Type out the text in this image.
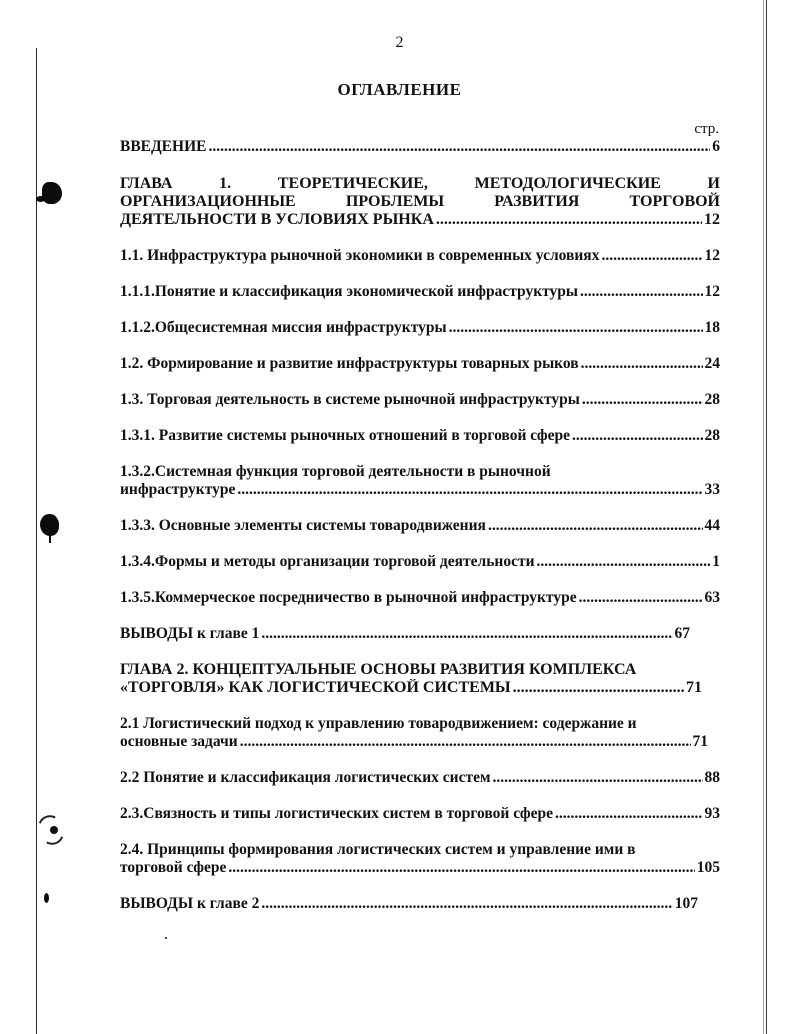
2
ОГЛАВЛЕНИЕ
стр.
ВВЕДЕНИЕ .....	6
ГЛАВА 1. ТЕОРЕТИЧЕСКИЕ, МЕТОДОЛОГИЧЕСКИЕ И
ОРГАНИЗАЦИОННЫЕ ПРОБЛЕМЫ РАЗВИТИЯ ТОРГОВОЙ
ДЕЯТЕЛЬНОСТИ В УСЛОВИЯХ РЫНКА .....	12
1.1. Инфраструктура рыночной экономики в современных условиях .....	12
1.1.1.Понятие и классификация экономической инфраструктуры .....	12
1.1.2.Общесистемная миссия инфраструктуры .....	18
1.2. Формирование и развитие инфраструктуры товарных рыков .....	24
1.3. Торговая деятельность в системе рыночной инфраструктуры .....	28
1.3.1. Развитие системы рыночных отношений в торговой сфере .....	28
1.3.2.Системная функция торговой деятельности в рыночной
инфраструктуре .....	33
1.3.3. Основные элементы системы товародвижения .....	44
1.3.4.Формы и методы организации торговой деятельности .....	1
1.3.5.Коммерческое посредничество в рыночной инфраструктуре .....	63
ВЫВОДЫ к главе 1 .....	67
ГЛАВА 2. КОНЦЕПТУАЛЬНЫЕ ОСНОВЫ РАЗВИТИЯ КОМПЛЕКСА
«ТОРГОВЛЯ» КАК ЛОГИСТИЧЕСКОЙ СИСТЕМЫ .....	71
2.1 Логистический подход к управлению товародвижением: содержание и
основные задачи .....	71
2.2 Понятие и классификация логистических систем .....	88
2.3.Связность и типы логистических систем в торговой сфере .....	93
2.4. Принципы формирования логистических систем и управление ими в
торговой сфере .....	105
ВЫВОДЫ к главе 2 .....	107
